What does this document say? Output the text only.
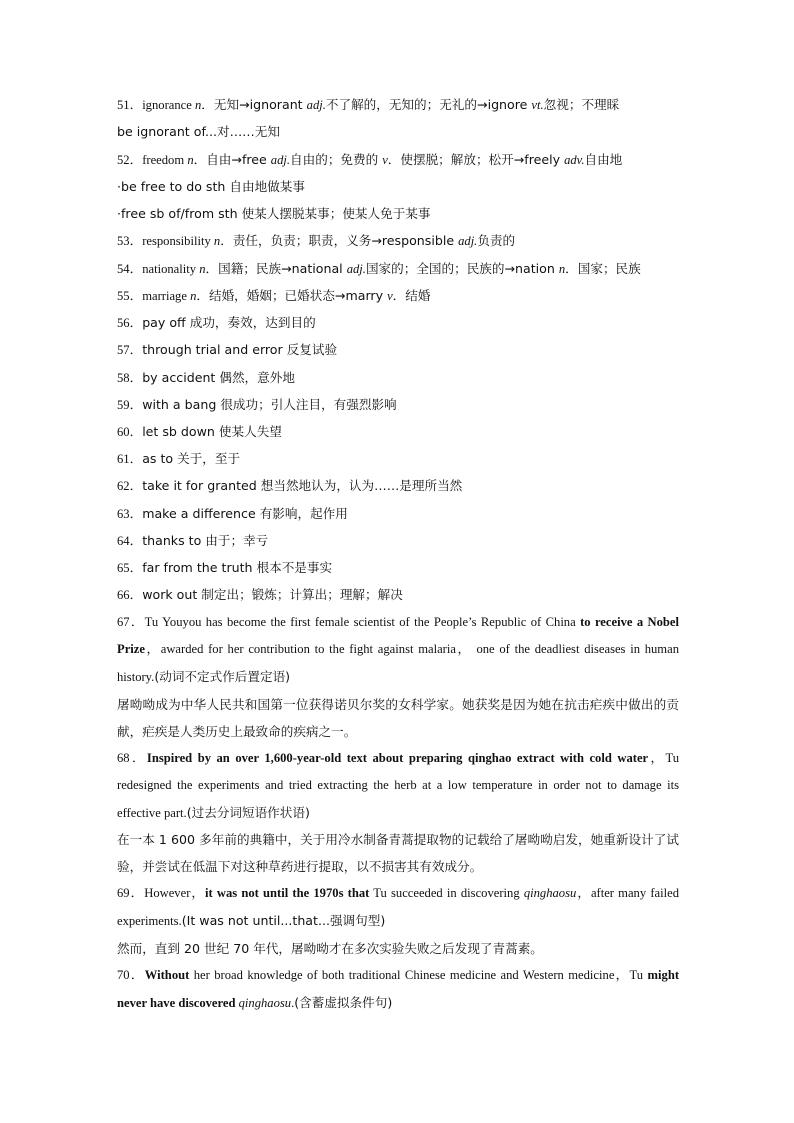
51．ignorance n．无知→ignorant adj.不了解的，无知的；无礼的→ignore vt.忽视；不理睬
be ignorant of...对……无知
52．freedom n．自由→free adj.自由的；免费的 v．使摆脱；解放；松开→freely adv.自由地
·be free to do sth 自由地做某事
·free sb of/from sth 使某人摆脱某事；使某人免于某事
53．responsibility n．责任，负责；职责，义务→responsible adj.负责的
54．nationality n．国籍；民族→national adj.国家的；全国的；民族的→nation n．国家；民族
55．marriage n．结婚，婚姻；已婚状态→marry v．结婚
56．pay off 成功，奏效，达到目的
57．through trial and error 反复试验
58．by accident 偶然，意外地
59．with a bang 很成功；引人注目，有强烈影响
60．let sb down 使某人失望
61．as to 关于，至于
62．take it for granted 想当然地认为，认为……是理所当然
63．make a difference 有影响，起作用
64．thanks to 由于；幸亏
65．far from the truth 根本不是事实
66．work out 制定出；锻炼；计算出；理解；解决
67．Tu Youyou has become the first female scientist of the People’s Republic of China to receive a Nobel Prize，awarded for her contribution to the fight against malaria， one of the deadliest diseases in human history.(动词不定式作后置定语)
屠呦呦成为中华人民共和国第一位获得诺贝尔奖的女科学家。她获奖是因为她在抗击疟疾中做出的贡献，疟疾是人类历史上最致命的疾病之一。
68．Inspired by an over 1,600-year-old text about preparing qinghao extract with cold water，Tu redesigned the experiments and tried extracting the herb at a low temperature in order not to damage its effective part.(过去分词短语作状语)
在一本 1 600 多年前的典籍中，关于用冷水制备青蒿提取物的记载给了屠呦呦启发，她重新设计了试验，并尝试在低温下对这种草药进行提取，以不损害其有效成分。
69．However，it was not until the 1970s that Tu succeeded in discovering qinghaosu，after many failed experiments.(It was not until...that...强调句型)
然而，直到 20 世纪 70 年代，屠呦呦才在多次实验失败之后发现了青蒿素。
70．Without her broad knowledge of both traditional Chinese medicine and Western medicine，Tu might never have discovered qinghaosu.(含蓄虚拟条件句)
